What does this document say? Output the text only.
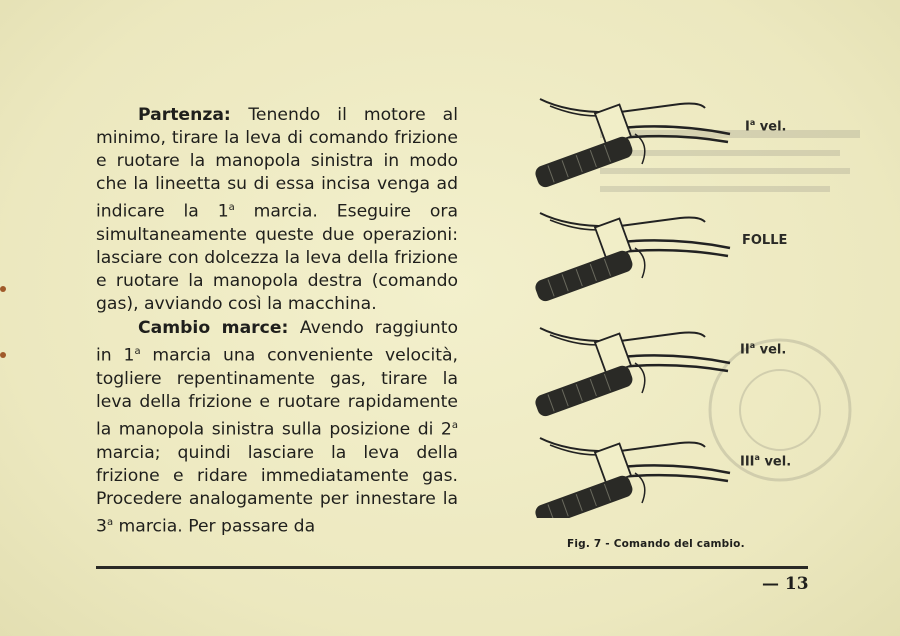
Partenza: Tenendo il motore al minimo, tirare la leva di comando frizione e ruotare la manopola sinistra in modo che la lineetta su di essa incisa venga ad indicare la 1$^a$ marcia. Eseguire ora simultaneamente queste due operazioni: lasciare con dolcezza la leva della frizione e ruotare la manopola destra (comando gas), avviando così la macchina.

Cambio marce: Avendo raggiunto in 1$^a$ marcia una conveniente velocità, togliere repentinamente gas, tirare la leva della frizione e ruotare rapidamente la manopola sinistra sulla posizione di 2$^a$ marcia; quindi lasciare la leva della frizione e ridare immediatamente gas. Procedere analogamente per innestare la 3$^a$ marcia. Per passare da

$I^a$ vel.
FOLLE
$II^a$ vel.
III$^a$ vel.
Fig. 7 - Comando del cambio.
— 13
